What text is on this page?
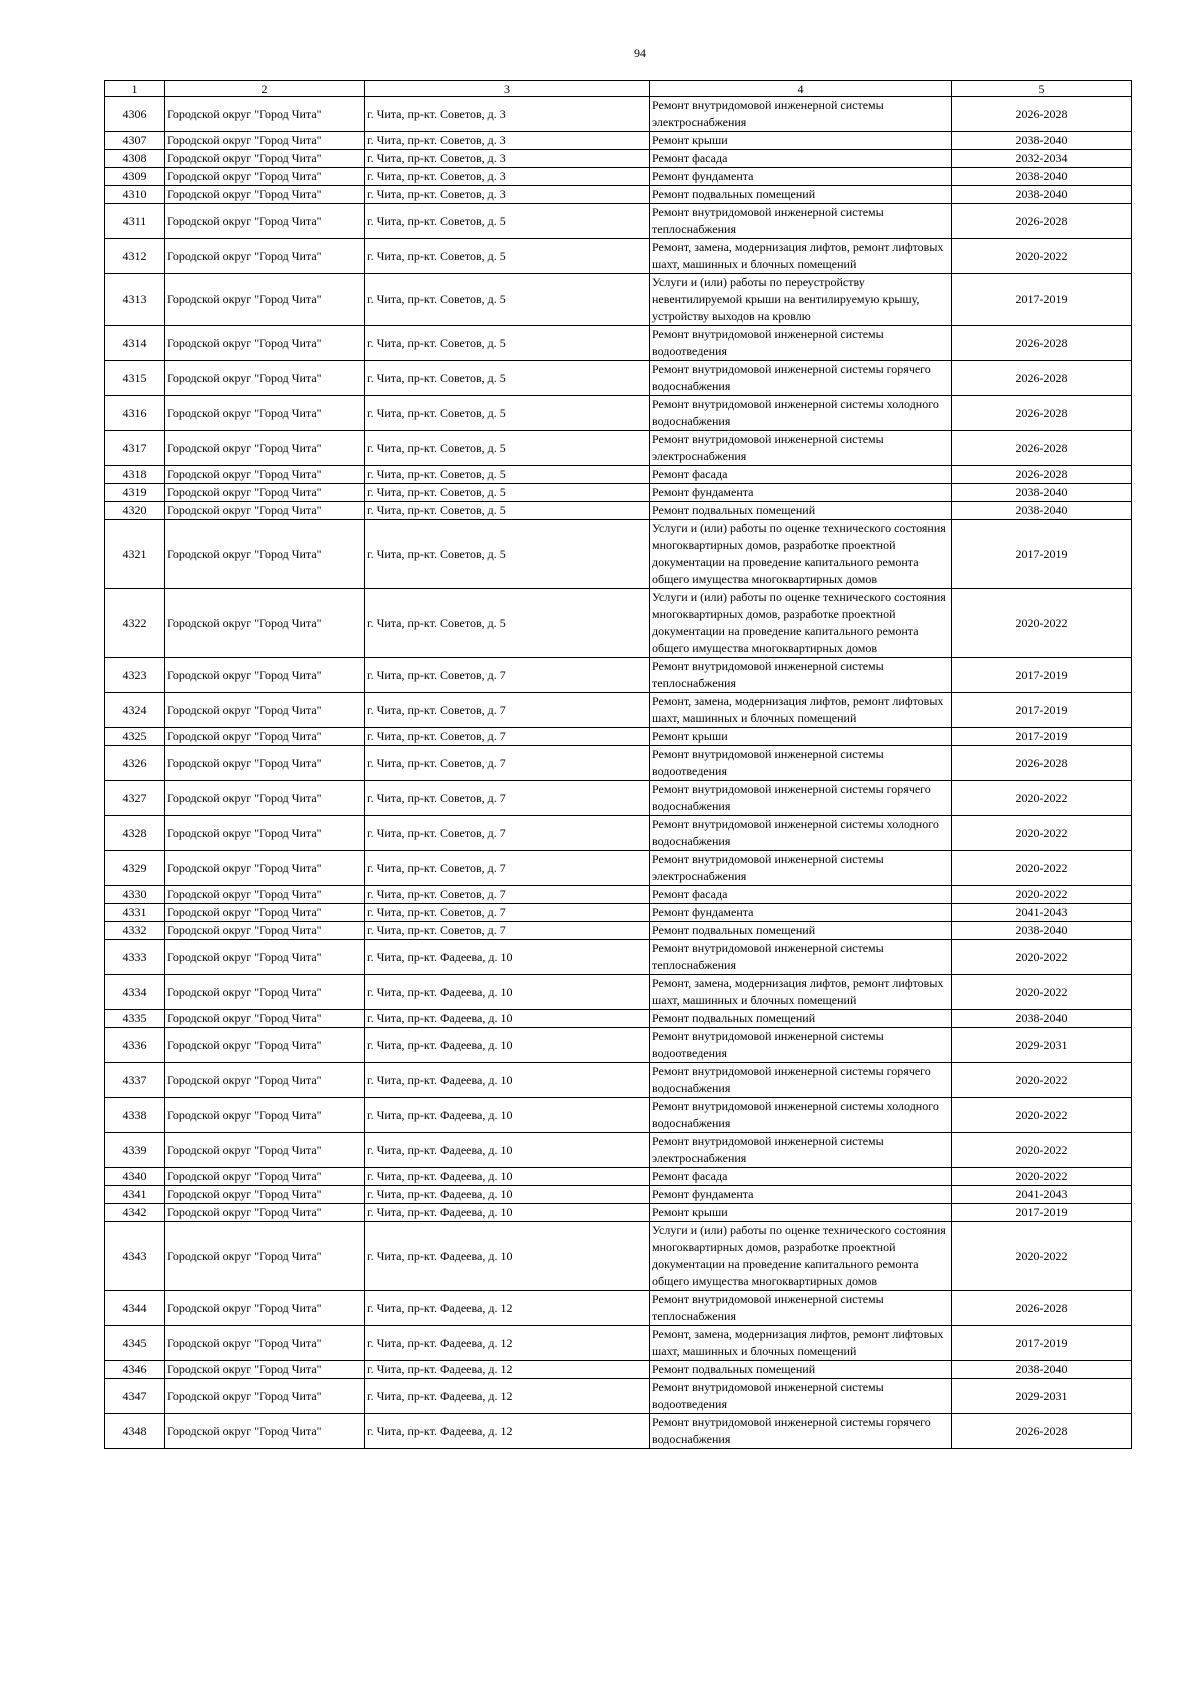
94
1	2	3	4	5
4306	Городской округ "Город Чита"	г. Чита, пр-кт. Советов, д. 3	Ремонт внутридомовой инженерной системы электроснабжения	2026-2028
4307	Городской округ "Город Чита"	г. Чита, пр-кт. Советов, д. 3	Ремонт крыши	2038-2040
4308	Городской округ "Город Чита"	г. Чита, пр-кт. Советов, д. 3	Ремонт фасада	2032-2034
4309	Городской округ "Город Чита"	г. Чита, пр-кт. Советов, д. 3	Ремонт фундамента	2038-2040
4310	Городской округ "Город Чита"	г. Чита, пр-кт. Советов, д. 3	Ремонт подвальных помещений	2038-2040
4311	Городской округ "Город Чита"	г. Чита, пр-кт. Советов, д. 5	Ремонт внутридомовой инженерной системы теплоснабжения	2026-2028
4312	Городской округ "Город Чита"	г. Чита, пр-кт. Советов, д. 5	Ремонт, замена, модернизация лифтов, ремонт лифтовых шахт, машинных и блочных помещений	2020-2022
4313	Городской округ "Город Чита"	г. Чита, пр-кт. Советов, д. 5	Услуги и (или) работы по переустройству невентилируемой крыши на вентилируемую крышу, устройству выходов на кровлю	2017-2019
4314	Городской округ "Город Чита"	г. Чита, пр-кт. Советов, д. 5	Ремонт внутридомовой инженерной системы водоотведения	2026-2028
4315	Городской округ "Город Чита"	г. Чита, пр-кт. Советов, д. 5	Ремонт внутридомовой инженерной системы горячего водоснабжения	2026-2028
4316	Городской округ "Город Чита"	г. Чита, пр-кт. Советов, д. 5	Ремонт внутридомовой инженерной системы холодного водоснабжения	2026-2028
4317	Городской округ "Город Чита"	г. Чита, пр-кт. Советов, д. 5	Ремонт внутридомовой инженерной системы электроснабжения	2026-2028
4318	Городской округ "Город Чита"	г. Чита, пр-кт. Советов, д. 5	Ремонт фасада	2026-2028
4319	Городской округ "Город Чита"	г. Чита, пр-кт. Советов, д. 5	Ремонт фундамента	2038-2040
4320	Городской округ "Город Чита"	г. Чита, пр-кт. Советов, д. 5	Ремонт подвальных помещений	2038-2040
4321	Городской округ "Город Чита"	г. Чита, пр-кт. Советов, д. 5	Услуги и (или) работы по оценке технического состояния многоквартирных домов, разработке проектной документации на проведение капитального ремонта общего имущества многоквартирных домов	2017-2019
4322	Городской округ "Город Чита"	г. Чита, пр-кт. Советов, д. 5	Услуги и (или) работы по оценке технического состояния многоквартирных домов, разработке проектной документации на проведение капитального ремонта общего имущества многоквартирных домов	2020-2022
4323	Городской округ "Город Чита"	г. Чита, пр-кт. Советов, д. 7	Ремонт внутридомовой инженерной системы теплоснабжения	2017-2019
4324	Городской округ "Город Чита"	г. Чита, пр-кт. Советов, д. 7	Ремонт, замена, модернизация лифтов, ремонт лифтовых шахт, машинных и блочных помещений	2017-2019
4325	Городской округ "Город Чита"	г. Чита, пр-кт. Советов, д. 7	Ремонт крыши	2017-2019
4326	Городской округ "Город Чита"	г. Чита, пр-кт. Советов, д. 7	Ремонт внутридомовой инженерной системы водоотведения	2026-2028
4327	Городской округ "Город Чита"	г. Чита, пр-кт. Советов, д. 7	Ремонт внутридомовой инженерной системы горячего водоснабжения	2020-2022
4328	Городской округ "Город Чита"	г. Чита, пр-кт. Советов, д. 7	Ремонт внутридомовой инженерной системы холодного водоснабжения	2020-2022
4329	Городской округ "Город Чита"	г. Чита, пр-кт. Советов, д. 7	Ремонт внутридомовой инженерной системы электроснабжения	2020-2022
4330	Городской округ "Город Чита"	г. Чита, пр-кт. Советов, д. 7	Ремонт фасада	2020-2022
4331	Городской округ "Город Чита"	г. Чита, пр-кт. Советов, д. 7	Ремонт фундамента	2041-2043
4332	Городской округ "Город Чита"	г. Чита, пр-кт. Советов, д. 7	Ремонт подвальных помещений	2038-2040
4333	Городской округ "Город Чита"	г. Чита, пр-кт. Фадеева, д. 10	Ремонт внутридомовой инженерной системы теплоснабжения	2020-2022
4334	Городской округ "Город Чита"	г. Чита, пр-кт. Фадеева, д. 10	Ремонт, замена, модернизация лифтов, ремонт лифтовых шахт, машинных и блочных помещений	2020-2022
4335	Городской округ "Город Чита"	г. Чита, пр-кт. Фадеева, д. 10	Ремонт подвальных помещений	2038-2040
4336	Городской округ "Город Чита"	г. Чита, пр-кт. Фадеева, д. 10	Ремонт внутридомовой инженерной системы водоотведения	2029-2031
4337	Городской округ "Город Чита"	г. Чита, пр-кт. Фадеева, д. 10	Ремонт внутридомовой инженерной системы горячего водоснабжения	2020-2022
4338	Городской округ "Город Чита"	г. Чита, пр-кт. Фадеева, д. 10	Ремонт внутридомовой инженерной системы холодного водоснабжения	2020-2022
4339	Городской округ "Город Чита"	г. Чита, пр-кт. Фадеева, д. 10	Ремонт внутридомовой инженерной системы электроснабжения	2020-2022
4340	Городской округ "Город Чита"	г. Чита, пр-кт. Фадеева, д. 10	Ремонт фасада	2020-2022
4341	Городской округ "Город Чита"	г. Чита, пр-кт. Фадеева, д. 10	Ремонт фундамента	2041-2043
4342	Городской округ "Город Чита"	г. Чита, пр-кт. Фадеева, д. 10	Ремонт крыши	2017-2019
4343	Городской округ "Город Чита"	г. Чита, пр-кт. Фадеева, д. 10	Услуги и (или) работы по оценке технического состояния многоквартирных домов, разработке проектной документации на проведение капитального ремонта общего имущества многоквартирных домов	2020-2022
4344	Городской округ "Город Чита"	г. Чита, пр-кт. Фадеева, д. 12	Ремонт внутридомовой инженерной системы теплоснабжения	2026-2028
4345	Городской округ "Город Чита"	г. Чита, пр-кт. Фадеева, д. 12	Ремонт, замена, модернизация лифтов, ремонт лифтовых шахт, машинных и блочных помещений	2017-2019
4346	Городской округ "Город Чита"	г. Чита, пр-кт. Фадеева, д. 12	Ремонт подвальных помещений	2038-2040
4347	Городской округ "Город Чита"	г. Чита, пр-кт. Фадеева, д. 12	Ремонт внутридомовой инженерной системы водоотведения	2029-2031
4348	Городской округ "Город Чита"	г. Чита, пр-кт. Фадеева, д. 12	Ремонт внутридомовой инженерной системы горячего водоснабжения	2026-2028
